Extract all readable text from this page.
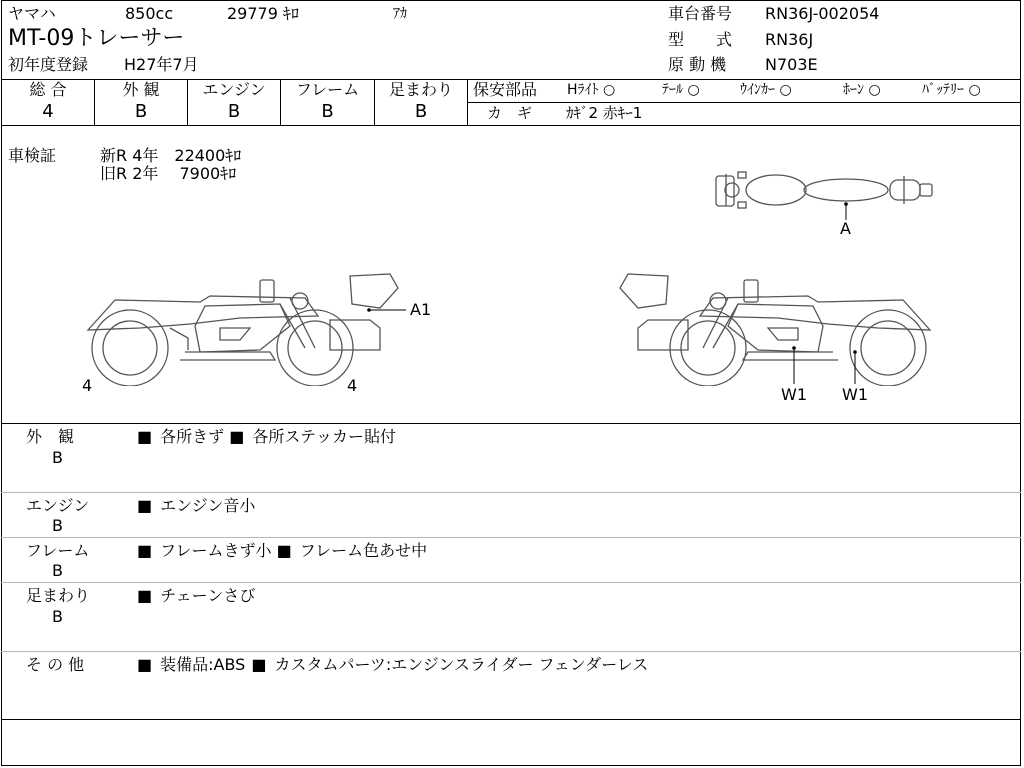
ヤマハ	850cc	29779 ｷﾛ	ｱｶ
MT-09トレーサー
初年度登録 H27年7月
車台番号 RN36J-002054
型　　式 RN36J
原 動 機 N703E
総 合	外 観	エンジン	フレーム	足まわり
4	B	B	B	B
保安部品 Hﾗｲﾄ ○	ﾃｰﾙ ○	ｳｲﾝｶｰ ○	ﾎｰﾝ ○	ﾊﾞｯﾃﾘｰ ○
カ　ギ ｶｷﾞ2 赤ｷｰ1
車検証	新R 4年　22400ｷﾛ
旧R 2年　 7900ｷﾛ
A
A1
4	4	W1 W1
外　観
B
■ 各所きず ■ 各所ステッカー貼付
エンジン
B
■ エンジン音小
フレーム
B
■ フレームきず小 ■ フレーム色あせ中
足まわり
B
■ チェーンさび
そ の 他	■ 装備品:ABS ■ カスタムパーツ:エンジンスライダー フェンダーレス
